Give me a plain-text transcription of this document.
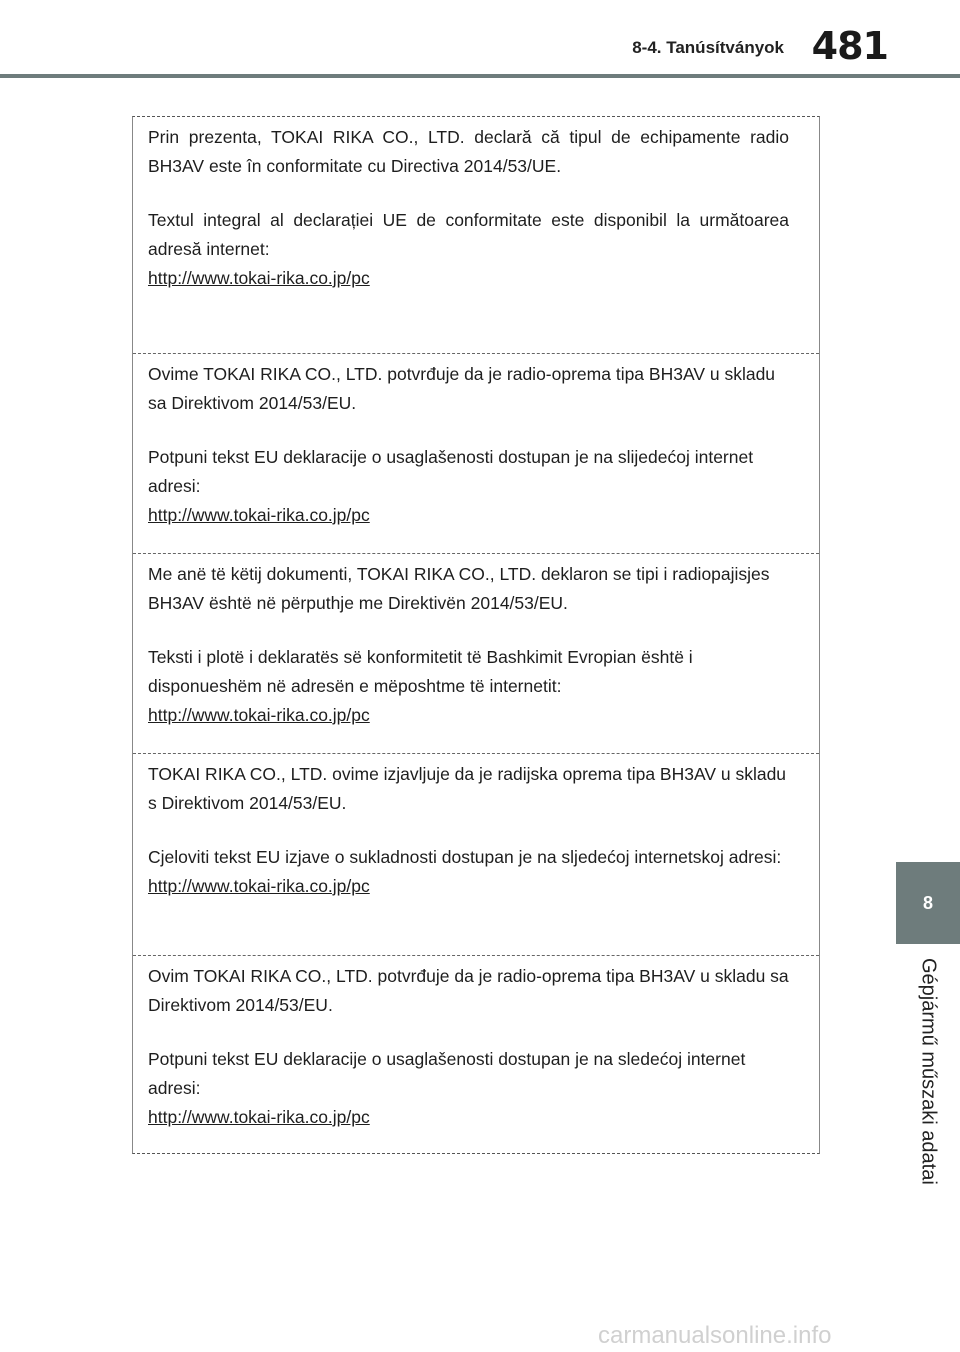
8-4. Tanúsítványok 481
8
Gépjármű műszaki adatai

Prin prezenta, TOKAI RIKA CO., LTD. declară că tipul de echipamente radio BH3AV este în conformitate cu Directiva 2014/53/UE.

Textul integral al declarației UE de conformitate este disponibil la următoarea adresă internet:
http://www.tokai-rika.co.jp/pc

Ovime TOKAI RIKA CO., LTD. potvrđuje da je radio-oprema tipa BH3AV u skladu sa Direktivom 2014/53/EU.

Potpuni tekst EU deklaracije o usaglašenosti dostupan je na slijedećoj internet adresi:
http://www.tokai-rika.co.jp/pc

Me anë të këtij dokumenti, TOKAI RIKA CO., LTD. deklaron se tipi i radiopajisjes BH3AV është në përputhje me Direktivën 2014/53/EU.

Teksti i plotë i deklaratës së konformitetit të Bashkimit Evropian është i disponueshëm në adresën e mëposhtme të internetit:
http://www.tokai-rika.co.jp/pc

TOKAI RIKA CO., LTD. ovime izjavljuje da je radijska oprema tipa BH3AV u skladu s Direktivom 2014/53/EU.

Cjeloviti tekst EU izjave o sukladnosti dostupan je na sljedećoj internetskoj adresi:
http://www.tokai-rika.co.jp/pc

Ovim TOKAI RIKA CO., LTD. potvrđuje da je radio-oprema tipa BH3AV u skladu sa Direktivom 2014/53/EU.

Potpuni tekst EU deklaracije o usaglašenosti dostupan je na sledećoj internet adresi:
http://www.tokai-rika.co.jp/pc

carmanualsonline.info
